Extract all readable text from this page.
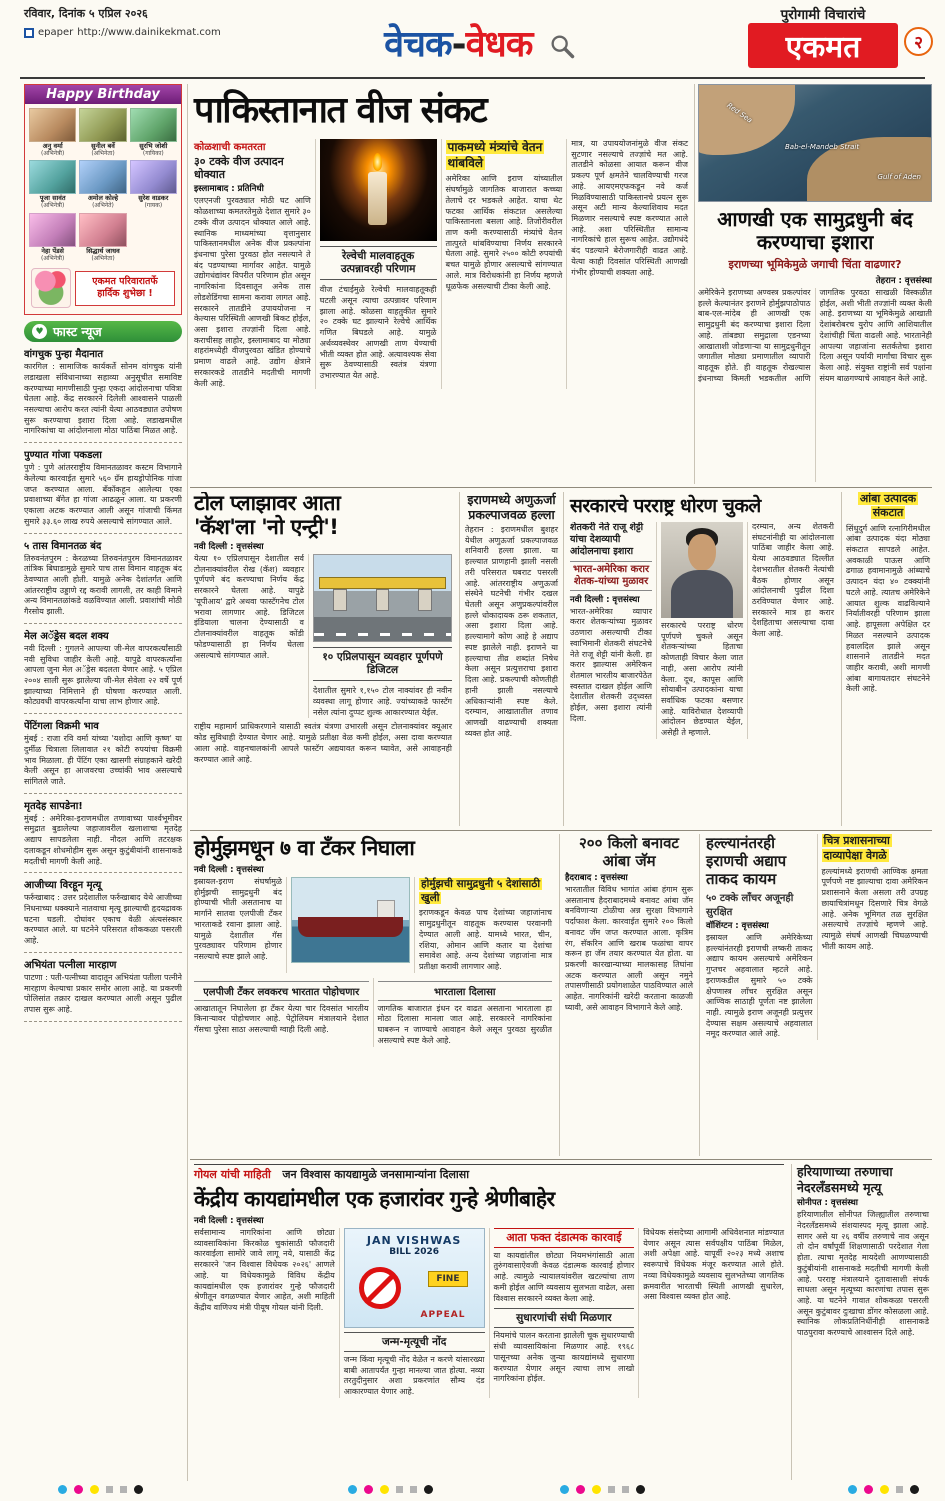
रविवार, दिनांक ५ एप्रिल २०२६
epaper http://www.dainikekmat.com	वेचक-वेधक
पुरोगामी विचारांचे
एकमत	२
Happy Birthday
अनु वर्मा
(अभिनेत्री)
सुनील बर्वे
(अभिनेता)
सुरभि जोशी
(गायिका)
पूजा सावंत
(अभिनेत्री)
अमोल कोल्हे
(अभिनेते)
सुरेश वाडकर
(गायक)
नेहा पेंडसे
(अभिनेत्री)
सिद्धार्थ जाधव
(अभिनेता)
एकमत परिवारातर्फे
हार्दिक शुभेछा !
♥ फास्ट न्यूज
वांगचुक पुन्हा मैदानात

कारगिल : सामाजिक कार्यकर्ते सोनम वांगचुक यांनी लडाखला संविधानाच्या सहाव्या अनुसूचीत समाविष्ट करण्याच्या मागणीसाठी पुन्हा एकदा आंदोलनाचा पवित्रा घेतला आहे. केंद्र सरकारने दिलेली आश्वासने पाळली नसल्याचा आरोप करत त्यांनी येत्या आठवड्यात उपोषण सुरू करण्याचा इशारा दिला आहे. लडाखमधील नागरिकांचा या आंदोलनाला मोठा पाठिंबा मिळत आहे.

पुण्यात गांजा पकडला

पुणे : पुणे आंतरराष्ट्रीय विमानतळावर कस्टम विभागाने केलेल्या कारवाईत सुमारे ५६० ग्रॅम हायड्रोपोनिक गांजा जप्त करण्यात आला. बँकॉकहून आलेल्या एका प्रवाशाच्या बॅगेत हा गांजा आढळून आला. या प्रकरणी एकाला अटक करण्यात आली असून गांजाची किंमत सुमारे ३३.६० लाख रुपये असल्याचे सांगण्यात आले.

५ तास विमानतळ बंद

तिरुवनंतपुरम : केरळच्या तिरुवनंतपुरम विमानतळावर तांत्रिक बिघाडामुळे सुमारे पाच तास विमान वाहतूक बंद ठेवण्यात आली होती. यामुळे अनेक देशांतर्गत आणि आंतरराष्ट्रीय उड्डाणे रद्द करावी लागली, तर काही विमाने अन्य विमानतळांकडे वळविण्यात आली. प्रवाशांची मोठी गैरसोय झाली.

मेल अॅड्रेस बदल शक्य

नवी दिल्ली : गुगलने आपल्या जी-मेल वापरकर्त्यांसाठी नवी सुविधा जाहीर केली आहे. यापुढे वापरकर्त्यांना आपला जुना मेल अॅड्रेस बदलता येणार आहे. ५ एप्रिल २००४ साली सुरू झालेल्या जी-मेल सेवेला २२ वर्षे पूर्ण झाल्याच्या निमित्ताने ही घोषणा करण्यात आली. कोट्यवधी वापरकर्त्यांना याचा लाभ होणार आहे.

पेंटिंगला विक्रमी भाव

मुंबई : राजा रवि वर्मा यांच्या 'यशोदा आणि कृष्ण' या दुर्मीळ चित्राला लिलावात २१ कोटी रुपयांचा विक्रमी भाव मिळाला. ही पेंटिंग एका खासगी संग्राहकाने खरेदी केली असून हा आजवरचा उच्चांकी भाव असल्याचे सांगितले जाते.

मृतदेह सापडेना!

मुंबई : अमेरिका-इराणमधील तणावाच्या पार्श्वभूमीवर समुद्रात बुडालेल्या जहाजावरील खलाशाचा मृतदेह अद्याप सापडलेला नाही. नौदल आणि तटरक्षक दलाकडून शोधमोहीम सुरू असून कुटुंबीयांनी शासनाकडे मदतीची मागणी केली आहे.

आजीच्या विरहून मृत्यू

फर्रुखाबाद : उत्तर प्रदेशातील फर्रुखाबाद येथे आजीच्या निधनाच्या धक्क्याने नातवाचा मृत्यू झाल्याची हृदयद्रावक घटना घडली. दोघांवर एकाच वेळी अंत्यसंस्कार करण्यात आले. या घटनेने परिसरात शोककळा पसरली आहे.

अभियंता पत्नीला मारहाण

पाटणा : पती-पत्नीच्या वादातून अभियंता पतीला पत्नीने मारहाण केल्याचा प्रकार समोर आला आहे. या प्रकरणी पोलिसांत तक्रार दाखल करण्यात आली असून पुढील तपास सुरू आहे.

पाकिस्तानात वीज संकट
कोळशाची कमतरता
३० टक्के वीज उत्पादन धोक्यात
इस्लामाबाद : प्रतिनिधी

एलएनजी पुरवठ्यात मोठी घट आणि कोळशाच्या कमतरतेमुळे देशात सुमारे ३० टक्के वीज उत्पादन धोक्यात आले आहे. स्थानिक माध्यमांच्या वृत्तानुसार पाकिस्तानमधील अनेक वीज प्रकल्पांना इंधनाचा पुरेसा पुरवठा होत नसल्याने ते बंद पडण्याच्या मार्गावर आहेत. यामुळे उद्योगधंद्यांवर विपरीत परिणाम होत असून नागरिकांना दिवसातून अनेक तास लोडशेडिंगचा सामना करावा लागत आहे. सरकारने तातडीने उपाययोजना न केल्यास परिस्थिती आणखी बिकट होईल, असा इशारा तज्ज्ञांनी दिला आहे. कराचीसह लाहोर, इस्लामाबाद या मोठ्या शहरांमध्येही वीजपुरवठा खंडित होण्याचे प्रमाण वाढले आहे. उद्योग क्षेत्राने सरकारकडे तातडीने मदतीची मागणी केली आहे.

रेल्वेची मालवाहतूक उत्पन्नावरही परिणाम

वीज टंचाईमुळे रेल्वेची मालवाहतूकही घटली असून त्याचा उत्पन्नावर परिणाम झाला आहे. कोळसा वाहतुकीत सुमारे २० टक्के घट झाल्याने रेल्वेचे आर्थिक गणित बिघडले आहे. यामुळे अर्थव्यवस्थेवर आणखी ताण येण्याची भीती व्यक्त होत आहे. अत्यावश्यक सेवा सुरू ठेवण्यासाठी स्वतंत्र यंत्रणा उभारण्यात येत आहे.

पाकमध्ये मंत्र्यांचे वेतन थांबविले

अमेरिका आणि इराण यांच्यातील संघर्षामुळे जागतिक बाजारात कच्च्या तेलाचे दर भडकले आहेत. याचा थेट फटका आर्थिक संकटात असलेल्या पाकिस्तानला बसला आहे. तिजोरीवरील ताण कमी करण्यासाठी मंत्र्यांचे वेतन तात्पुरते थांबविण्याचा निर्णय सरकारने घेतला आहे. सुमारे २५०० कोटी रुपयांची बचत यामुळे होणार असल्याचे सांगण्यात आले. मात्र विरोधकांनी हा निर्णय म्हणजे धूळफेक असल्याची टीका केली आहे.

मात्र, या उपाययोजनांमुळे वीज संकट सुटणार नसल्याचे तज्ज्ञांचे मत आहे. तातडीने कोळसा आयात करून वीज प्रकल्प पूर्ण क्षमतेने चालविण्याची गरज आहे. आयएमएफकडून नवे कर्ज मिळविण्यासाठी पाकिस्तानचे प्रयत्न सुरू असून अटी मान्य केल्याशिवाय मदत मिळणार नसल्याचे स्पष्ट करण्यात आले आहे. अशा परिस्थितीत सामान्य नागरिकांचे हाल सुरूच आहेत. उद्योगधंदे बंद पडल्याने बेरोजगारीही वाढत आहे. येत्या काही दिवसांत परिस्थिती आणखी गंभीर होण्याची शक्यता आहे.

Red Sea
Bab-el-Mandeb Strait
Gulf of Aden
आणखी एक सामुद्रधुनी बंद करण्याचा इशारा
इराणच्या भूमिकेमुळे जगाची चिंता वाढणार?
तेहरान : वृत्तसंस्था
अमेरिकेने इराणच्या अण्वस्त्र प्रकल्पांवर हल्ले केल्यानंतर इराणने होर्मुझपाठोपाठ बाब-एल-मांदेब ही आणखी एक सामुद्रधुनी बंद करण्याचा इशारा दिला आहे. तांबड्या समुद्राला एडनच्या आखाताशी जोडणाऱ्या या सामुद्रधुनीतून जगातील मोठ्या प्रमाणातील व्यापारी वाहतूक होते. ही वाहतूक रोखल्यास इंधनाच्या किमती भडकतील आणि जागतिक पुरवठा साखळी विस्कळीत होईल, अशी भीती तज्ज्ञांनी व्यक्त केली आहे. इराणच्या या भूमिकेमुळे आखाती देशांबरोबरच युरोप आणि आशियातील देशांचीही चिंता वाढली आहे. भारतानेही आपल्या जहाजांना सतर्कतेचा इशारा दिला असून पर्यायी मार्गांचा विचार सुरू केला आहे. संयुक्त राष्ट्रांनी सर्व पक्षांना संयम बाळगण्याचे आवाहन केले आहे.
टोल प्लाझावर आता
'कॅश'ला 'नो एन्ट्री'!
नवी दिल्ली : वृत्तसंस्था

येत्या १० एप्रिलपासून देशातील सर्व टोलनाक्यांवरील रोख (कॅश) व्यवहार पूर्णपणे बंद करण्याचा निर्णय केंद्र सरकारने घेतला आहे. यापुढे 'यूपीआय' द्वारे अथवा फास्टॅगनेच टोल भरावा लागणार आहे. डिजिटल इंडियाला चालना देण्यासाठी व टोलनाक्यांवरील वाहतूक कोंडी फोडण्यासाठी हा निर्णय घेतला असल्याचे सांगण्यात आले.	१० एप्रिलपासून व्यवहार पूर्णपणे डिजिटल

देशातील सुमारे १,१५० टोल नाक्यांवर ही नवीन व्यवस्था लागू होणार आहे. ज्यांच्याकडे फास्टॅग नसेल त्यांना दुप्पट शुल्क आकारण्यात येईल.

राष्ट्रीय महामार्ग प्राधिकरणाने यासाठी स्वतंत्र यंत्रणा उभारली असून टोलनाक्यांवर क्यूआर कोड सुविधाही देण्यात येणार आहे. यामुळे प्रतीक्षा वेळ कमी होईल, असा दावा करण्यात आला आहे. वाहनचालकांनी आपले फास्टॅग अद्ययावत करून घ्यावेत, असे आवाहनही करण्यात आले आहे.

इराणमध्ये अणुऊर्जा प्रकल्पाजवळ हल्ला

तेहरान : इराणमधील बुशहर येथील अणुऊर्जा प्रकल्पाजवळ शनिवारी हल्ला झाला. या हल्ल्यात प्राणहानी झाली नसली तरी परिसरात घबराट पसरली आहे. आंतरराष्ट्रीय अणुऊर्जा संस्थेने घटनेची गंभीर दखल घेतली असून अणुप्रकल्पांवरील हल्ले धोकादायक ठरू शकतात, असा इशारा दिला आहे. हल्ल्यामागे कोण आहे हे अद्याप स्पष्ट झालेले नाही. इराणने या हल्ल्याचा तीव्र शब्दांत निषेध केला असून प्रत्युत्तराचा इशारा दिला आहे. प्रकल्पाची कोणतीही हानी झाली नसल्याचे अधिकाऱ्यांनी स्पष्ट केले. दरम्यान, आखातातील तणाव आणखी वाढण्याची शक्यता व्यक्त होत आहे.

सरकारचे परराष्ट्र धोरण चुकले
शेतकरी नेते राजू शेट्टी यांचा देशव्यापी आंदोलनाचा इशारा
भारत-अमेरिका करार शेतक-यांच्या मुळावर
नवी दिल्ली : वृत्तसंस्था

भारत-अमेरिका व्यापार करार शेतकऱ्यांच्या मुळावर उठणारा असल्याची टीका स्वाभिमानी शेतकरी संघटनेचे नेते राजू शेट्टी यांनी केली. हा करार झाल्यास अमेरिकन शेतमाल भारतीय बाजारपेठेत स्वस्तात दाखल होईल आणि देशातील शेतकरी उद्ध्वस्त होईल, असा इशारा त्यांनी दिला.

सरकारचे परराष्ट्र धोरण पूर्णपणे चुकले असून शेतकऱ्यांच्या हिताचा कोणताही विचार केला जात नाही, असा आरोप त्यांनी केला. दूध, कापूस आणि सोयाबीन उत्पादकांना याचा सर्वाधिक फटका बसणार आहे. याविरोधात देशव्यापी आंदोलन छेडण्यात येईल, असेही ते म्हणाले.

दरम्यान, अन्य शेतकरी संघटनांनीही या आंदोलनाला पाठिंबा जाहीर केला आहे. येत्या आठवड्यात दिल्लीत देशभरातील शेतकरी नेत्यांची बैठक होणार असून आंदोलनाची पुढील दिशा ठरविण्यात येणार आहे. सरकारने मात्र हा करार देशहिताचा असल्याचा दावा केला आहे.

आंबा उत्पादक संकटात

सिंधुदुर्ग आणि रत्नागिरीमधील आंबा उत्पादक यंदा मोठ्या संकटात सापडले आहेत. अवकाळी पाऊस आणि ढगाळ हवामानामुळे आंब्याचे उत्पादन यंदा ४० टक्क्यांनी घटले आहे. त्यातच अमेरिकेने आयात शुल्क वाढविल्याने निर्यातीवरही परिणाम झाला आहे. हापूसला अपेक्षित दर मिळत नसल्याने उत्पादक हवालदिल झाले असून शासनाने तातडीने मदत जाहीर करावी, अशी मागणी आंबा बागायतदार संघटनेने केली आहे.

होर्मुझमधून ७ वा टँकर निघाला
नवी दिल्ली : वृत्तसंस्था

इस्रायल-इराण संघर्षामुळे होर्मुझची सामुद्रधुनी बंद होण्याची भीती असतानाच या मार्गाने सातवा एलपीजी टँकर भारताकडे रवाना झाला आहे. यामुळे देशातील गॅस पुरवठ्यावर परिणाम होणार नसल्याचे स्पष्ट झाले आहे.

होर्मुझची सामुद्रधुनी ५ देशांसाठी खुली

इराणकडून केवळ पाच देशांच्या जहाजांनाच सामुद्रधुनीतून वाहतूक करण्यास परवानगी देण्यात आली आहे. यामध्ये भारत, चीन, रशिया, ओमान आणि कतार या देशांचा समावेश आहे. अन्य देशांच्या जहाजांना मात्र प्रतीक्षा करावी लागणार आहे.

एलपीजी टँकर लवकरच भारतात पोहोचणार

आखातातून निघालेला हा टँकर येत्या चार दिवसांत भारतीय किनाऱ्यावर पोहोचणार आहे. पेट्रोलियम मंत्रालयाने देशात गॅसचा पुरेसा साठा असल्याची ग्वाही दिली आहे.

भारताला दिलासा

जागतिक बाजारात इंधन दर वाढत असताना भारताला हा मोठा दिलासा मानला जात आहे. सरकारने नागरिकांना घाबरून न जाण्याचे आवाहन केले असून पुरवठा सुरळीत असल्याचे स्पष्ट केले आहे.

२०० किलो बनावट आंबा जॅम
हैदराबाद : वृत्तसंस्था

भारतातील विविध भागांत आंबा हंगाम सुरू असतानाच हैदराबादमध्ये बनावट आंबा जॅम बनविणाऱ्या टोळीचा अन्न सुरक्षा विभागाने पर्दाफाश केला. कारवाईत सुमारे २०० किलो बनावट जॅम जप्त करण्यात आला. कृत्रिम रंग, सॅकरिन आणि खराब फळांचा वापर करून हा जॅम तयार करण्यात येत होता. या प्रकरणी कारखान्याच्या मालकासह तिघांना अटक करण्यात आली असून नमुने तपासणीसाठी प्रयोगशाळेत पाठविण्यात आले आहेत. नागरिकांनी खरेदी करताना काळजी घ्यावी, असे आवाहन विभागाने केले आहे.

हल्ल्यानंतरही इराणची अद्याप ताकद कायम
५० टक्के लाँचर अजूनही सुरक्षित
वॉशिंग्टन : वृत्तसंस्था

इस्रायल आणि अमेरिकेच्या हल्ल्यांनंतरही इराणची लष्करी ताकद अद्याप कायम असल्याचे अमेरिकन गुप्तचर अहवालात म्हटले आहे. इराणकडील सुमारे ५० टक्के क्षेपणास्त्र लाँचर सुरक्षित असून आण्विक साठाही पूर्णतः नष्ट झालेला नाही. त्यामुळे इराण अजूनही प्रत्युत्तर देण्यास सक्षम असल्याचे अहवालात नमूद करण्यात आले आहे.

चित्र प्रशासनाच्या दाव्यापेक्षा वेगळे

हल्ल्यांमध्ये इराणची आण्विक क्षमता पूर्णपणे नष्ट झाल्याचा दावा अमेरिकन प्रशासनाने केला असला तरी उपग्रह छायाचित्रांमधून दिसणारे चित्र वेगळे आहे. अनेक भूमिगत तळ सुरक्षित असल्याचे तज्ज्ञांचे म्हणणे आहे. त्यामुळे संघर्ष आणखी चिघळण्याची भीती कायम आहे.

गोयल यांची माहिती जन विश्वास कायद्यामुळे जनसामान्यांना दिलासा
केंद्रीय कायद्यांमधील एक हजारांवर गुन्हे श्रेणीबाहेर
नवी दिल्ली : वृत्तसंस्था

सर्वसामान्य नागरिकांना आणि छोट्या व्यावसायिकांना किरकोळ चुकांसाठी फौजदारी कारवाईला सामोरे जावे लागू नये, यासाठी केंद्र सरकारने 'जन विश्वास विधेयक २०२६' आणले आहे. या विधेयकामुळे विविध केंद्रीय कायद्यांमधील एक हजारांवर गुन्हे फौजदारी श्रेणीतून वगळण्यात येणार आहेत, अशी माहिती केंद्रीय वाणिज्य मंत्री पीयूष गोयल यांनी दिली.

JAN VISHWAS
BILL 2026
FINE
APPEAL
जन्म-मृत्यूची नोंद

जन्म किंवा मृत्यूची नोंद वेळेत न करणे यांसारख्या बाबी आतापर्यंत गुन्हा मानल्या जात होत्या. नव्या तरतुदीनुसार अशा प्रकरणांत सौम्य दंड आकारण्यात येणार आहे.

आता फक्त दंडात्मक कारवाई

या कायद्यांतील छोट्या नियमभंगांसाठी आता तुरुंगवासाऐवजी केवळ दंडात्मक कारवाई होणार आहे. त्यामुळे न्यायालयांवरील खटल्यांचा ताण कमी होईल आणि व्यवसाय सुलभता वाढेल, असा विश्वास सरकारने व्यक्त केला आहे.

सुधारणांची संधी मिळणार

नियमांचे पालन करताना झालेली चूक सुधारण्याची संधी व्यावसायिकांना मिळणार आहे. १९६८ पासूनच्या अनेक जुन्या कायद्यांमध्ये सुधारणा करण्यात येणार असून त्याचा लाभ लाखो नागरिकांना होईल.

विधेयक संसदेच्या आगामी अधिवेशनात मांडण्यात येणार असून त्यास सर्वपक्षीय पाठिंबा मिळेल, अशी अपेक्षा आहे. यापूर्वी २०२३ मध्ये अशाच स्वरूपाचे विधेयक मंजूर करण्यात आले होते. नव्या विधेयकामुळे व्यवसाय सुलभतेच्या जागतिक क्रमवारीत भारताची स्थिती आणखी सुधारेल, असा विश्वास व्यक्त होत आहे.

हरियाणाच्या तरुणाचा नेदरलँडसमध्ये मृत्यू
सोनीपत : वृत्तसंस्था

हरियाणातील सोनीपत जिल्ह्यातील तरुणाचा नेदरलँडसमध्ये संशयास्पद मृत्यू झाला आहे. सागर असे या २६ वर्षीय तरुणाचे नाव असून तो दोन वर्षांपूर्वी शिक्षणासाठी परदेशात गेला होता. त्याचा मृतदेह मायदेशी आणण्यासाठी कुटुंबीयांनी शासनाकडे मदतीची मागणी केली आहे. परराष्ट्र मंत्रालयाने दूतावासाशी संपर्क साधला असून मृत्यूच्या कारणांचा तपास सुरू आहे. या घटनेने गावात शोककळा पसरली असून कुटुंबावर दुःखाचा डोंगर कोसळला आहे. स्थानिक लोकप्रतिनिधींनीही शासनाकडे पाठपुरावा करण्याचे आश्वासन दिले आहे.
